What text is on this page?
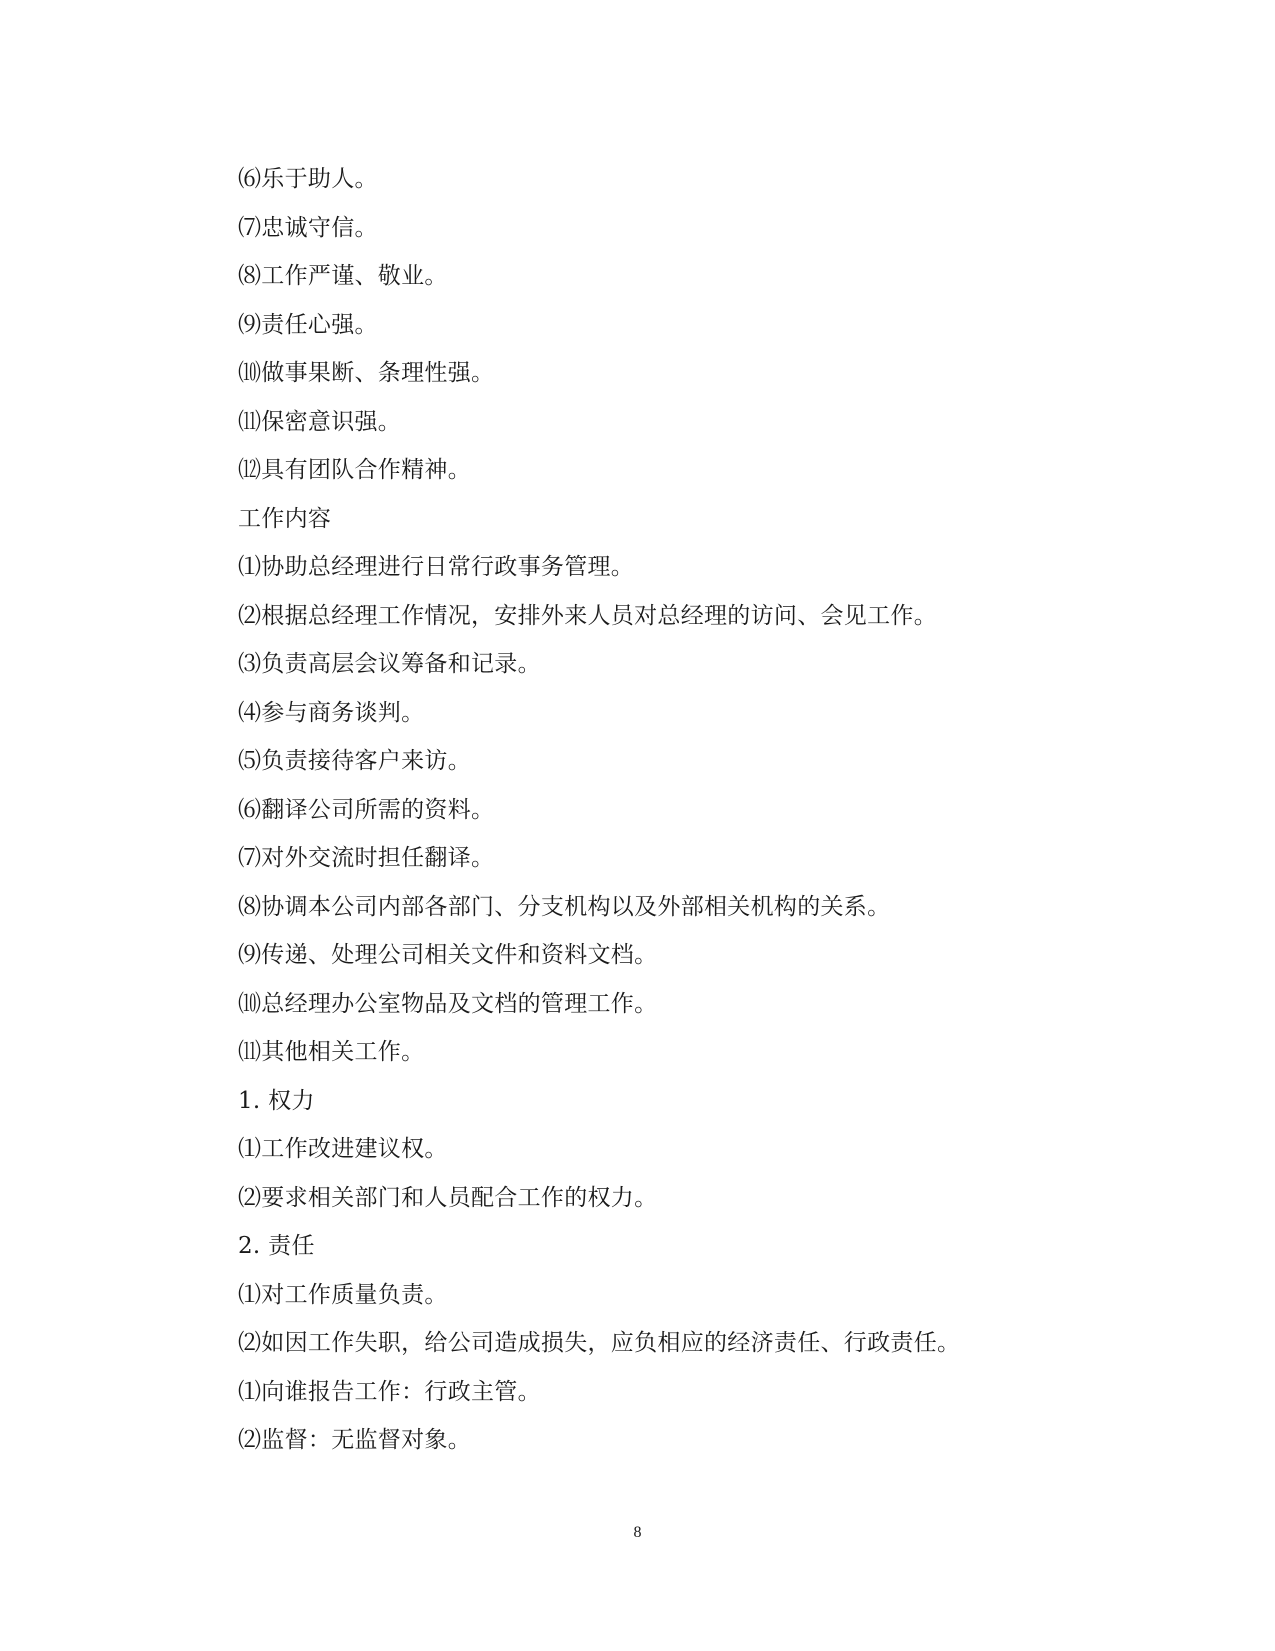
⑹乐于助人。
⑺忠诚守信。
⑻工作严谨、敬业。
⑼责任心强。
⑽做事果断、条理性强。
⑾保密意识强。
⑿具有团队合作精神。
工作内容
⑴协助总经理进行日常行政事务管理。
⑵根据总经理工作情况，安排外来人员对总经理的访问、会见工作。
⑶负责高层会议筹备和记录。
⑷参与商务谈判。
⑸负责接待客户来访。
⑹翻译公司所需的资料。
⑺对外交流时担任翻译。
⑻协调本公司内部各部门、分支机构以及外部相关机构的关系。
⑼传递、处理公司相关文件和资料文档。
⑽总经理办公室物品及文档的管理工作。
⑾其他相关工作。
1. 权力
⑴工作改进建议权。
⑵要求相关部门和人员配合工作的权力。
2. 责任
⑴对工作质量负责。
⑵如因工作失职，给公司造成损失，应负相应的经济责任、行政责任。
⑴向谁报告工作：行政主管。
⑵监督：无监督对象。
8
